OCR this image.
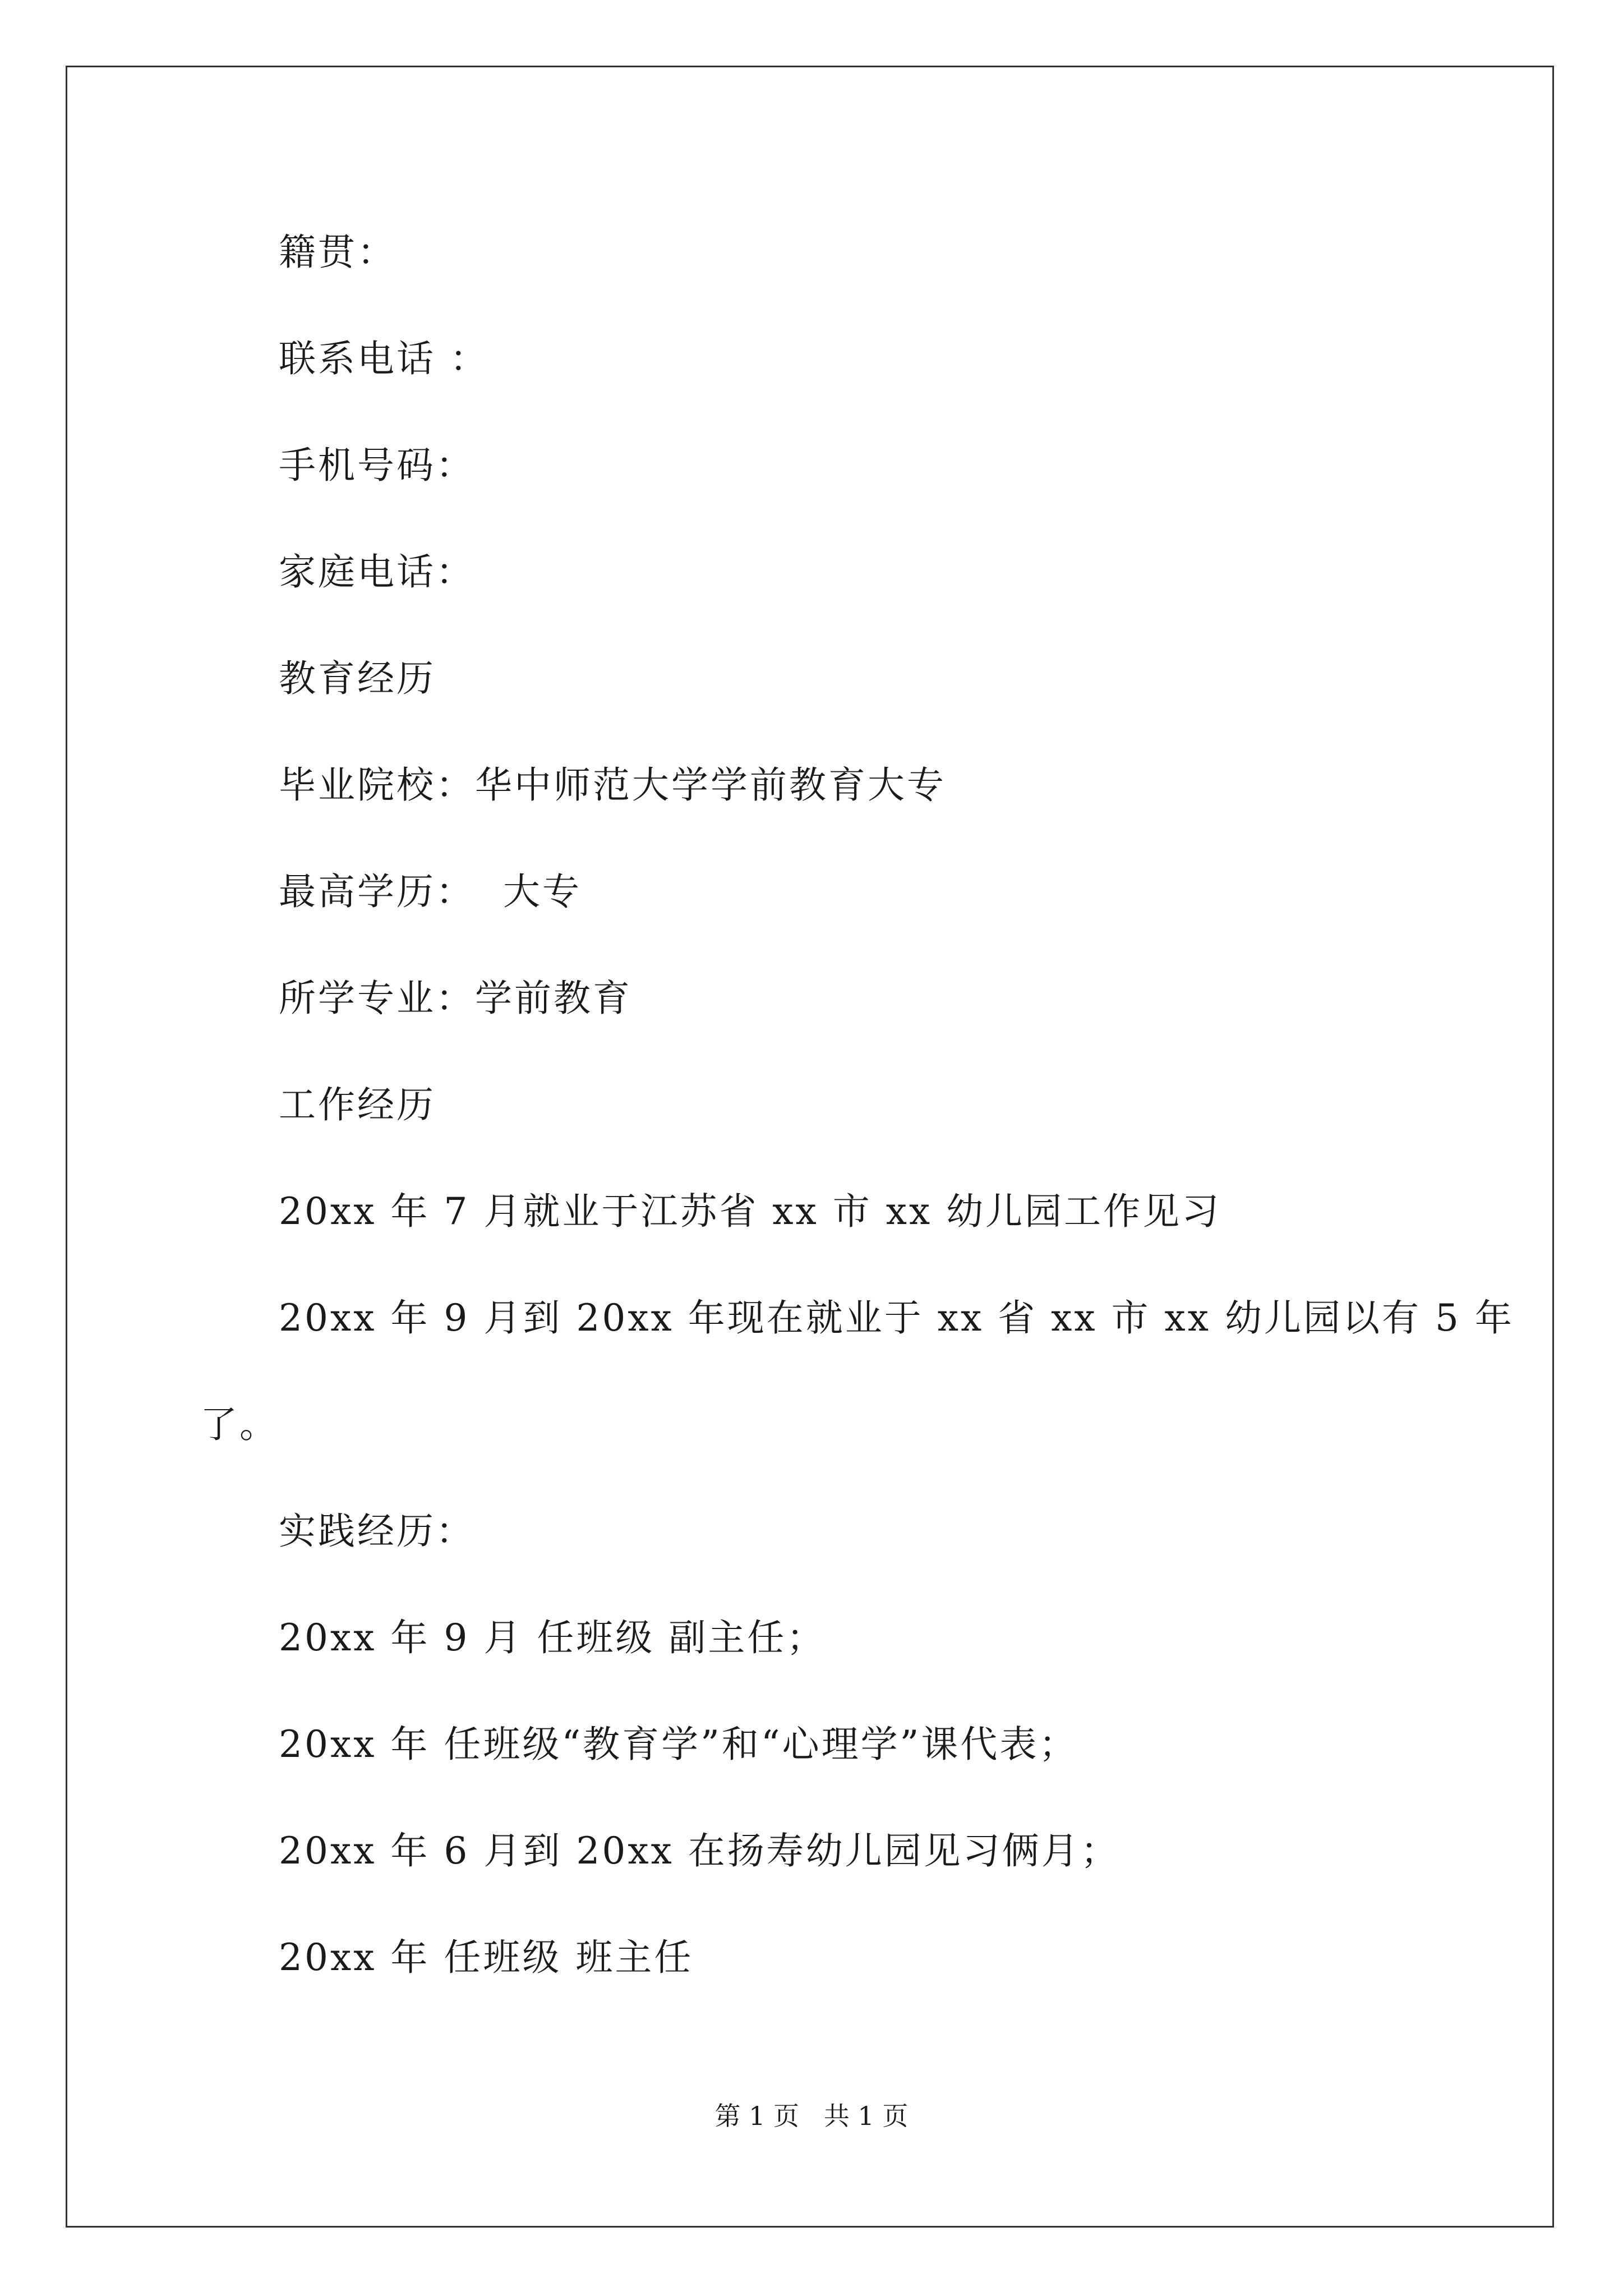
籍贯：
联系电话 ：
手机号码：
家庭电话：
教育经历
毕业院校：华中师范大学学前教育大专
最高学历：  大专
所学专业：学前教育
工作经历
20xx 年 7 月就业于江苏省 xx 市 xx 幼儿园工作见习
20xx 年 9 月到 20xx 年现在就业于 xx 省 xx 市 xx 幼儿园以有 5 年
了。
实践经历：
20xx 年 9 月 任班级 副主任；
20xx 年 任班级“教育学”和“心理学”课代表；
20xx 年 6 月到 20xx 在扬寿幼儿园见习俩月；
20xx 年 任班级 班主任
第 1 页   共 1 页
